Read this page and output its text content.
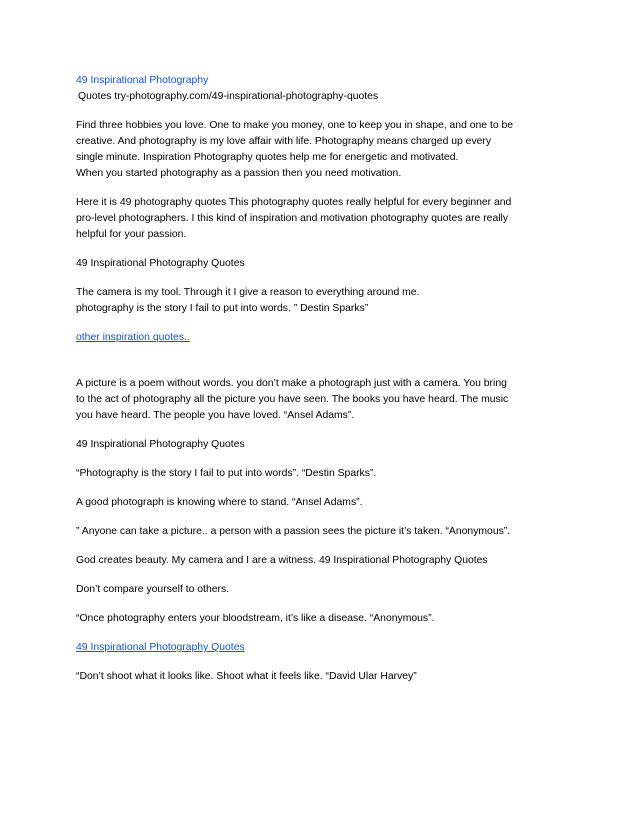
49 Inspirational Photography

Quotes try-photography.com/49-inspirational-photography-quotes

Find three hobbies you love. One to make you money, one to keep you in shape, and one to be

creative. And photography is my love affair with life. Photography means charged up every

single minute. Inspiration Photography quotes help me for energetic and motivated.

When you started photography as a passion then you need motivation.

Here it is 49 photography quotes This photography quotes really helpful for every beginner and

pro-level photographers. I this kind of inspiration and motivation photography quotes are really

helpful for your passion.

49 Inspirational Photography Quotes

The camera is my tool. Through it I give a reason to everything around me.

photography is the story I fail to put into words. ” Destin Sparks”

other inspiration quotes..

A picture is a poem without words. you don’t make a photograph just with a camera. You bring

to the act of photography all the picture you have seen. The books you have heard. The music

you have heard. The people you have loved. “Ansel Adams”.

49 Inspirational Photography Quotes

“Photography is the story I fail to put into words”. “Destin Sparks”.

A good photograph is knowing where to stand. “Ansel Adams”.

” Anyone can take a picture.. a person with a passion sees the picture it’s taken. “Anonymous”.

God creates beauty. My camera and I are a witness. 49 Inspirational Photography Quotes

Don’t compare yourself to others.

“Once photography enters your bloodstream, it’s like a disease. “Anonymous”.

49 Inspirational Photography Quotes

“Don’t shoot what it looks like. Shoot what it feels like. “David Ular Harvey”
